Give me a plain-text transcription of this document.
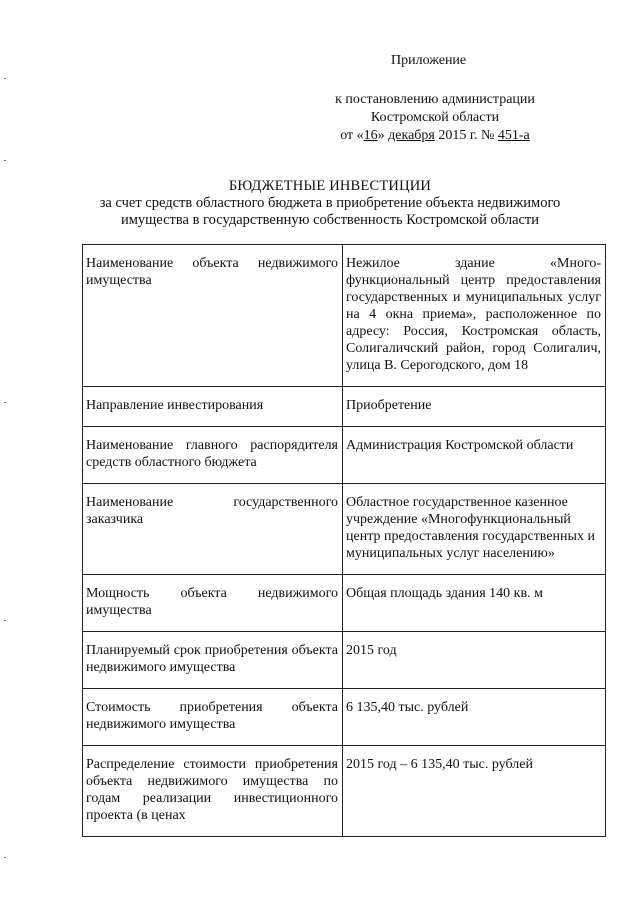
Приложение
к постановлению администрации
Костромской области
от «16» декабря 2015 г. № 451-а
БЮДЖЕТНЫЕ ИНВЕСТИЦИИ
за счет средств областного бюджета в приобретение объекта недвижимого
имущества в государственную собственность Костромской области
Наименование объекта недвижимого имущества	Нежилое здание «Много-функциональный центр предоставления государственных и муниципальных услуг на 4 окна приема», расположенное по адресу: Россия, Костромская область, Солигаличский район, город Солигалич, улица В. Серогодского, дом 18
Направление инвестирования	Приобретение
Наименование главного распорядителя средств областного бюджета	Администрация Костромской области
Наименование государственного заказчика	Областное государственное казенное учреждение «Многофункциональный центр предоставления государственных и муниципальных услуг населению»
Мощность объекта недвижимого имущества	Общая площадь здания 140 кв. м
Планируемый срок приобретения объекта недвижимого имущества	2015 год
Стоимость приобретения объекта недвижимого имущества	6 135,40 тыс. рублей
Распределение стоимости приобретения объекта недвижимого имущества по годам реализации инвестиционного проекта (в ценах	2015 год – 6 135,40 тыс. рублей
